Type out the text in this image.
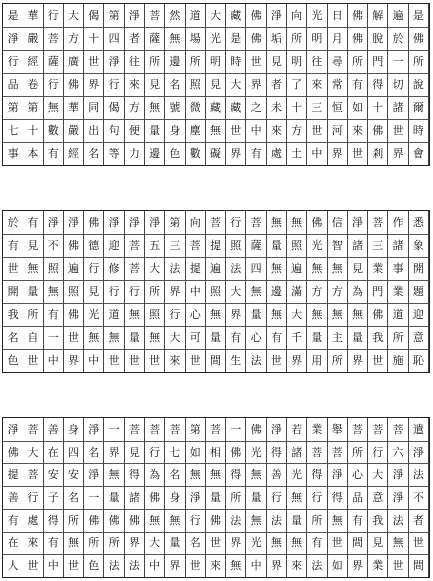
是
佛
所
說
爾
時
會
遍
於
一
切
諸
世
界
解
脫
門
得
十
佛
剎
佛
佛
所
有
如
來
世
日
月
尋
常
恒
河
界
光
明
往
來
三
世
中
向
所
明
了
十
方
土
淨
垢
見
者
未
來
處
佛
佛
世
界
之
中
有
藏
是
時
大
藏
世
界
大
光
明
見
藏
無
礙
道
場
所
照
微
塵
數
然
無
邊
名
號
身
色
菩
薩
所
見
無
量
邊
淨
者
往
來
方
便
力
第
四
淨
行
偈
句
等
偈
十
世
界
同
出
名
大
方
廣
佛
華
嚴
經
行
菩
薩
行
無
數
有
華
嚴
經
卷
第
十
本
是
淨
行
品
第
七
事
悉
象
開
題
迎
意
恥
作
諸
事
業
道
所
施
菩
三
業
門
佛
我
世
淨
諸
見
為
無
量
界
信
智
無
方
無
主
所
佛
光
無
方
無
量
用
無
照
遍
滿
大
千
界
無
量
無
邊
無
有
世
菩
薩
四
無
量
心
法
行
照
法
大
界
有
生
菩
提
遍
照
無
量
間
向
菩
提
中
心
可
世
第
三
法
界
行
大
來
淨
五
大
所
照
無
世
淨
菩
菩
行
無
量
世
淨
迎
修
行
道
無
世
佛
德
行
見
光
無
中
淨
佛
遍
照
佛
世
界
淨
不
照
無
有
一
中
有
見
無
量
所
自
世
於
有
世
開
我
名
色
遣
淨
法
不
者
世
間
菩
六
淨
淨
法
無
世
菩
行
大
意
我
見
業
菩
所
心
品
有
間
界
舉
菩
淨
得
無
世
如
業
菩
得
行
所
有
法
若
諸
光
無
量
無
來
淨
得
善
行
法
無
界
佛
光
無
量
無
光
中
一
佛
得
所
法
界
無
菩
相
無
量
佛
世
來
第
如
無
淨
行
名
世
菩
七
名
身
無
量
界
菩
行
為
佛
無
大
中
菩
見
得
諸
佛
界
法
一
界
無
量
佛
所
法
淨
名
淨
一
佛
所
色
身
四
安
名
所
無
世
善
在
安
子
得
有
中
菩
大
菩
行
處
來
世
淨
佛
提
善
有
在
人
